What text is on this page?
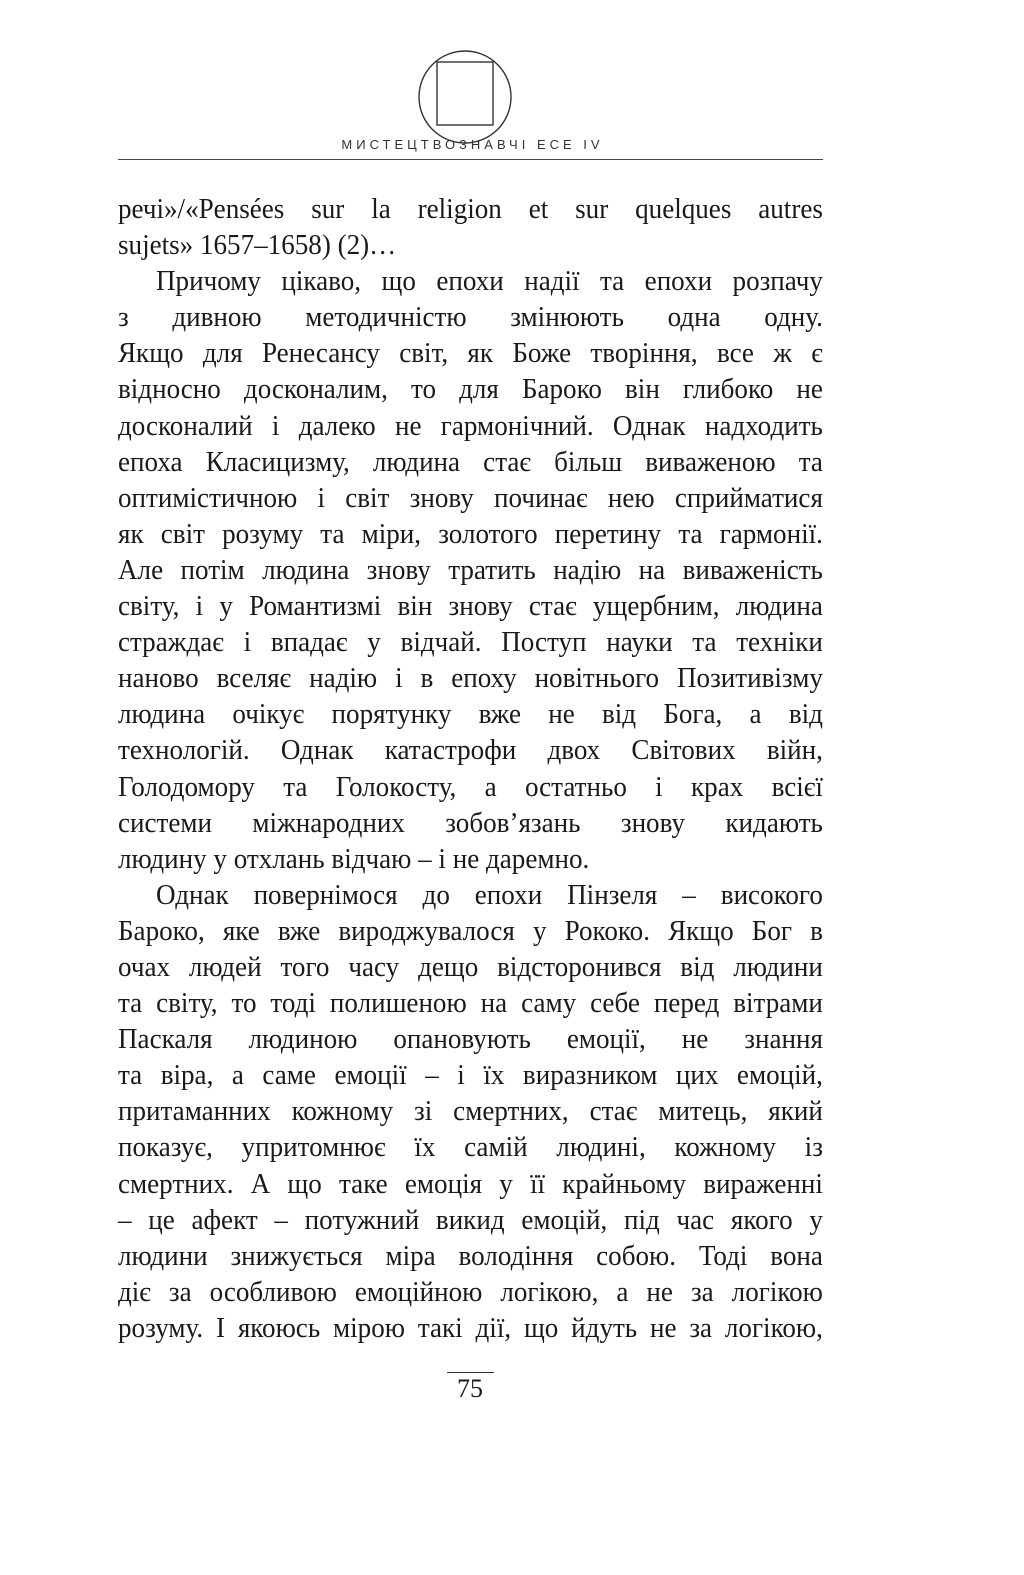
МИСТЕЦТВОЗНАВЧІ ЕСЕ IV
речі»/«Pensées sur la religion et sur quelques autres
sujets» 1657–1658) (2)…
Причому цікаво, що епохи надії та епохи розпачу
з дивною методичністю змінюють одна одну.
Якщо для Ренесансу світ, як Боже творіння, все ж є
відносно досконалим, то для Бароко він глибоко не
досконалий і далеко не гармонічний. Однак надходить
епоха Класицизму, людина стає більш виваженою та
оптимістичною і світ знову починає нею сприйматися
як світ розуму та міри, золотого перетину та гармонії.
Але потім людина знову тратить надію на виваженість
світу, і у Романтизмі він знову стає ущербним, людина
страждає і впадає у відчай. Поступ науки та техніки
наново вселяє надію і в епоху новітнього Позитивізму
людина очікує порятунку вже не від Бога, а від
технологій. Однак катастрофи двох Світових війн,
Голодомору та Голокосту, а остатньо і крах всієї
системи міжнародних зобов’язань знову кидають
людину у отхлань відчаю – і не даремно.
Однак повернімося до епохи Пінзеля – високого
Бароко, яке вже вироджувалося у Рококо. Якщо Бог в
очах людей того часу дещо відсторонився від людини
та світу, то тоді полишеною на саму себе перед вітрами
Паскаля людиною опановують емоції, не знання
та віра, а саме емоції – і їх виразником цих емоцій,
притаманних кожному зі смертних, стає митець, який
показує, упритомнює їх самій людині, кожному із
смертних. А що таке емоція у її крайньому вираженні
– це афект – потужний викид емоцій, під час якого у
людини знижується міра володіння собою. Тоді вона
діє за особливою емоційною логікою, а не за логікою
розуму. І якоюсь мірою такі дії, що йдуть не за логікою,
75
